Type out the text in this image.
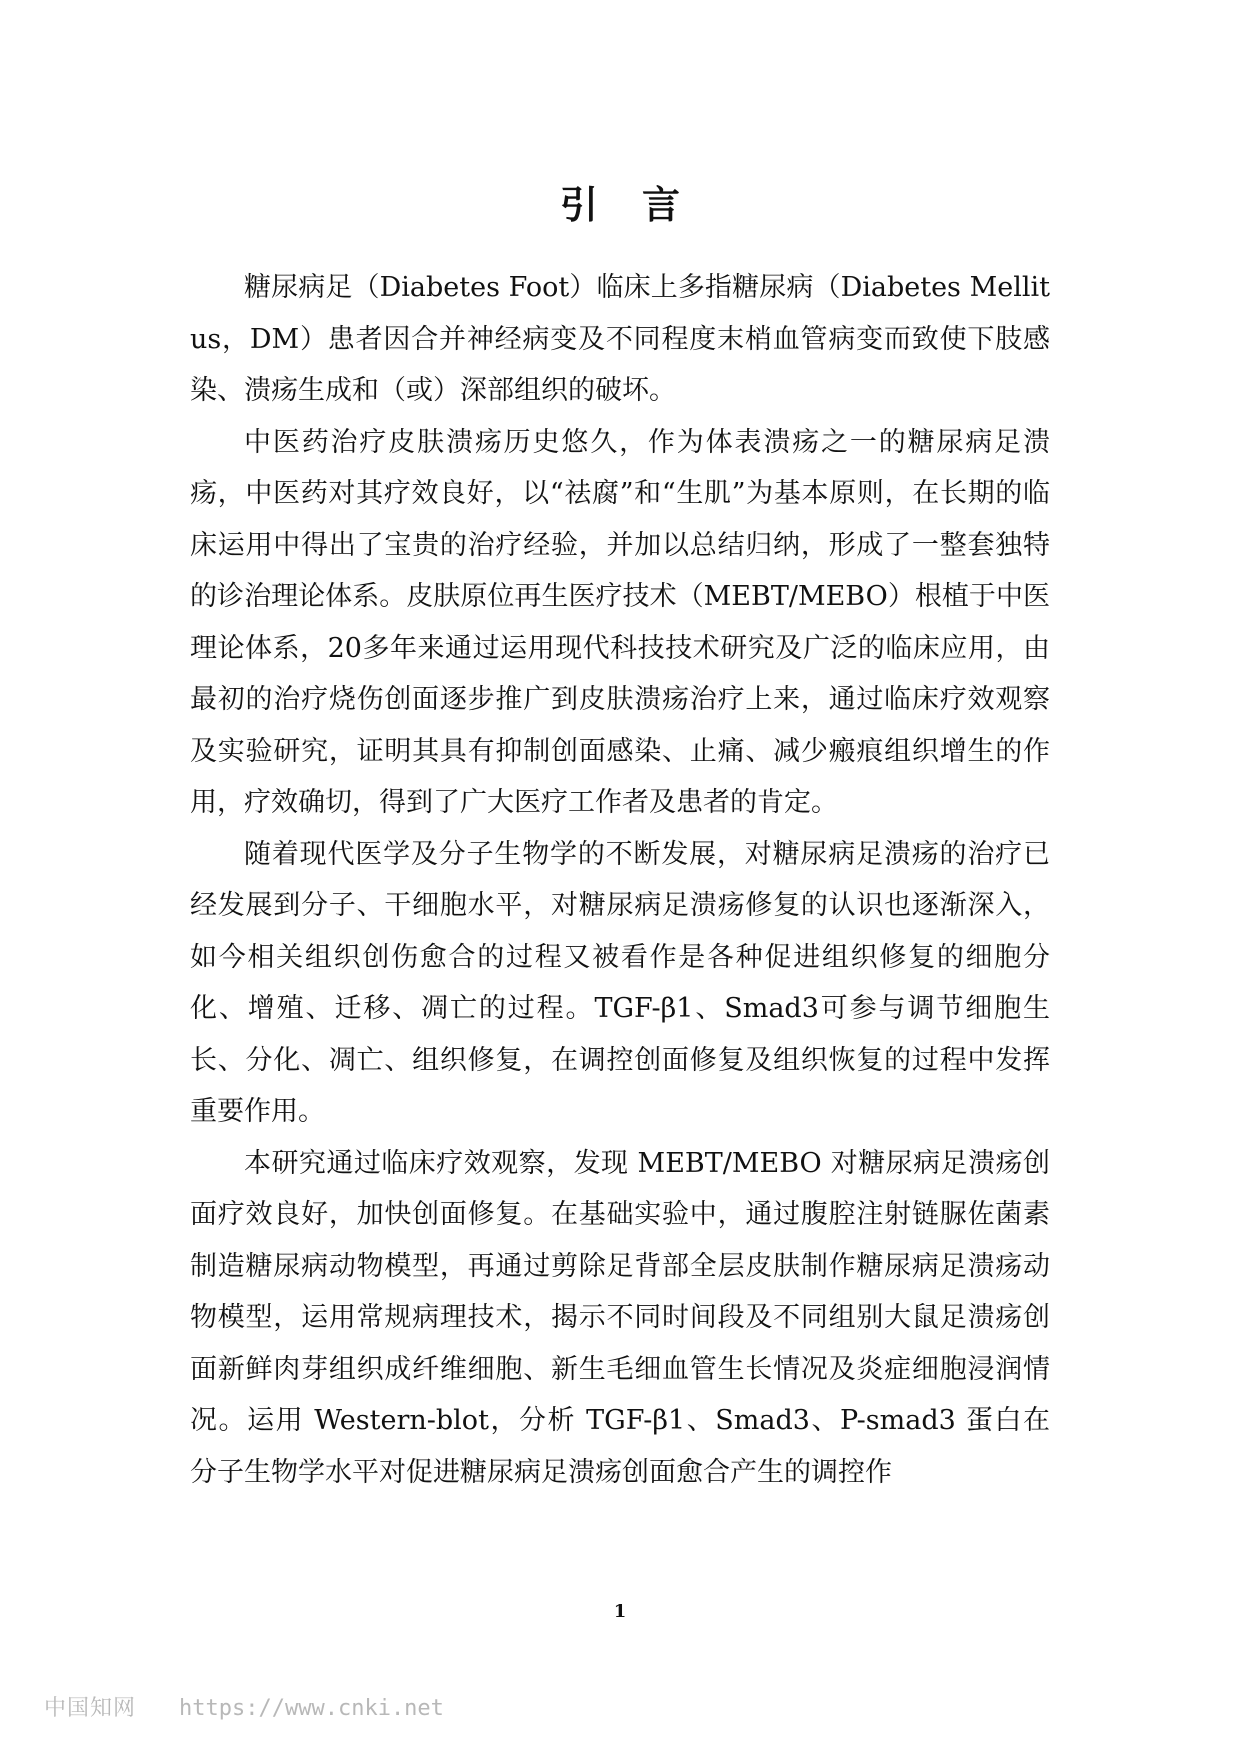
引言

糖尿病足（Diabetes Foot）临床上多指糖尿病（Diabetes Mellitus，DM）患者因合并神经病变及不同程度末梢血管病变而致使下肢感染、溃疡生成和（或）深部组织的破坏。

中医药治疗皮肤溃疡历史悠久，作为体表溃疡之一的糖尿病足溃疡，中医药对其疗效良好，以“祛腐”和“生肌”为基本原则，在长期的临床运用中得出了宝贵的治疗经验，并加以总结归纳，形成了一整套独特的诊治理论体系。皮肤原位再生医疗技术（MEBT/MEBO）根植于中医理论体系，20多年来通过运用现代科技技术研究及广泛的临床应用，由最初的治疗烧伤创面逐步推广到皮肤溃疡治疗上来，通过临床疗效观察及实验研究，证明其具有抑制创面感染、止痛、减少瘢痕组织增生的作用，疗效确切，得到了广大医疗工作者及患者的肯定。

随着现代医学及分子生物学的不断发展，对糖尿病足溃疡的治疗已经发展到分子、干细胞水平，对糖尿病足溃疡修复的认识也逐渐深入，如今相关组织创伤愈合的过程又被看作是各种促进组织修复的细胞分化、增殖、迁移、凋亡的过程。TGF-β1、Smad3可参与调节细胞生长、分化、凋亡、组织修复，在调控创面修复及组织恢复的过程中发挥重要作用。

本研究通过临床疗效观察，发现 MEBT/MEBO 对糖尿病足溃疡创面疗效良好，加快创面修复。在基础实验中，通过腹腔注射链脲佐菌素制造糖尿病动物模型，再通过剪除足背部全层皮肤制作糖尿病足溃疡动物模型，运用常规病理技术，揭示不同时间段及不同组别大鼠足溃疡创面新鲜肉芽组织成纤维细胞、新生毛细血管生长情况及炎症细胞浸润情况。运用 Western-blot，分析 TGF-β1、Smad3、P-smad3 蛋白在分子生物学水平对促进糖尿病足溃疡创面愈合产生的调控作

1
中国知网 https://www.cnki.net
